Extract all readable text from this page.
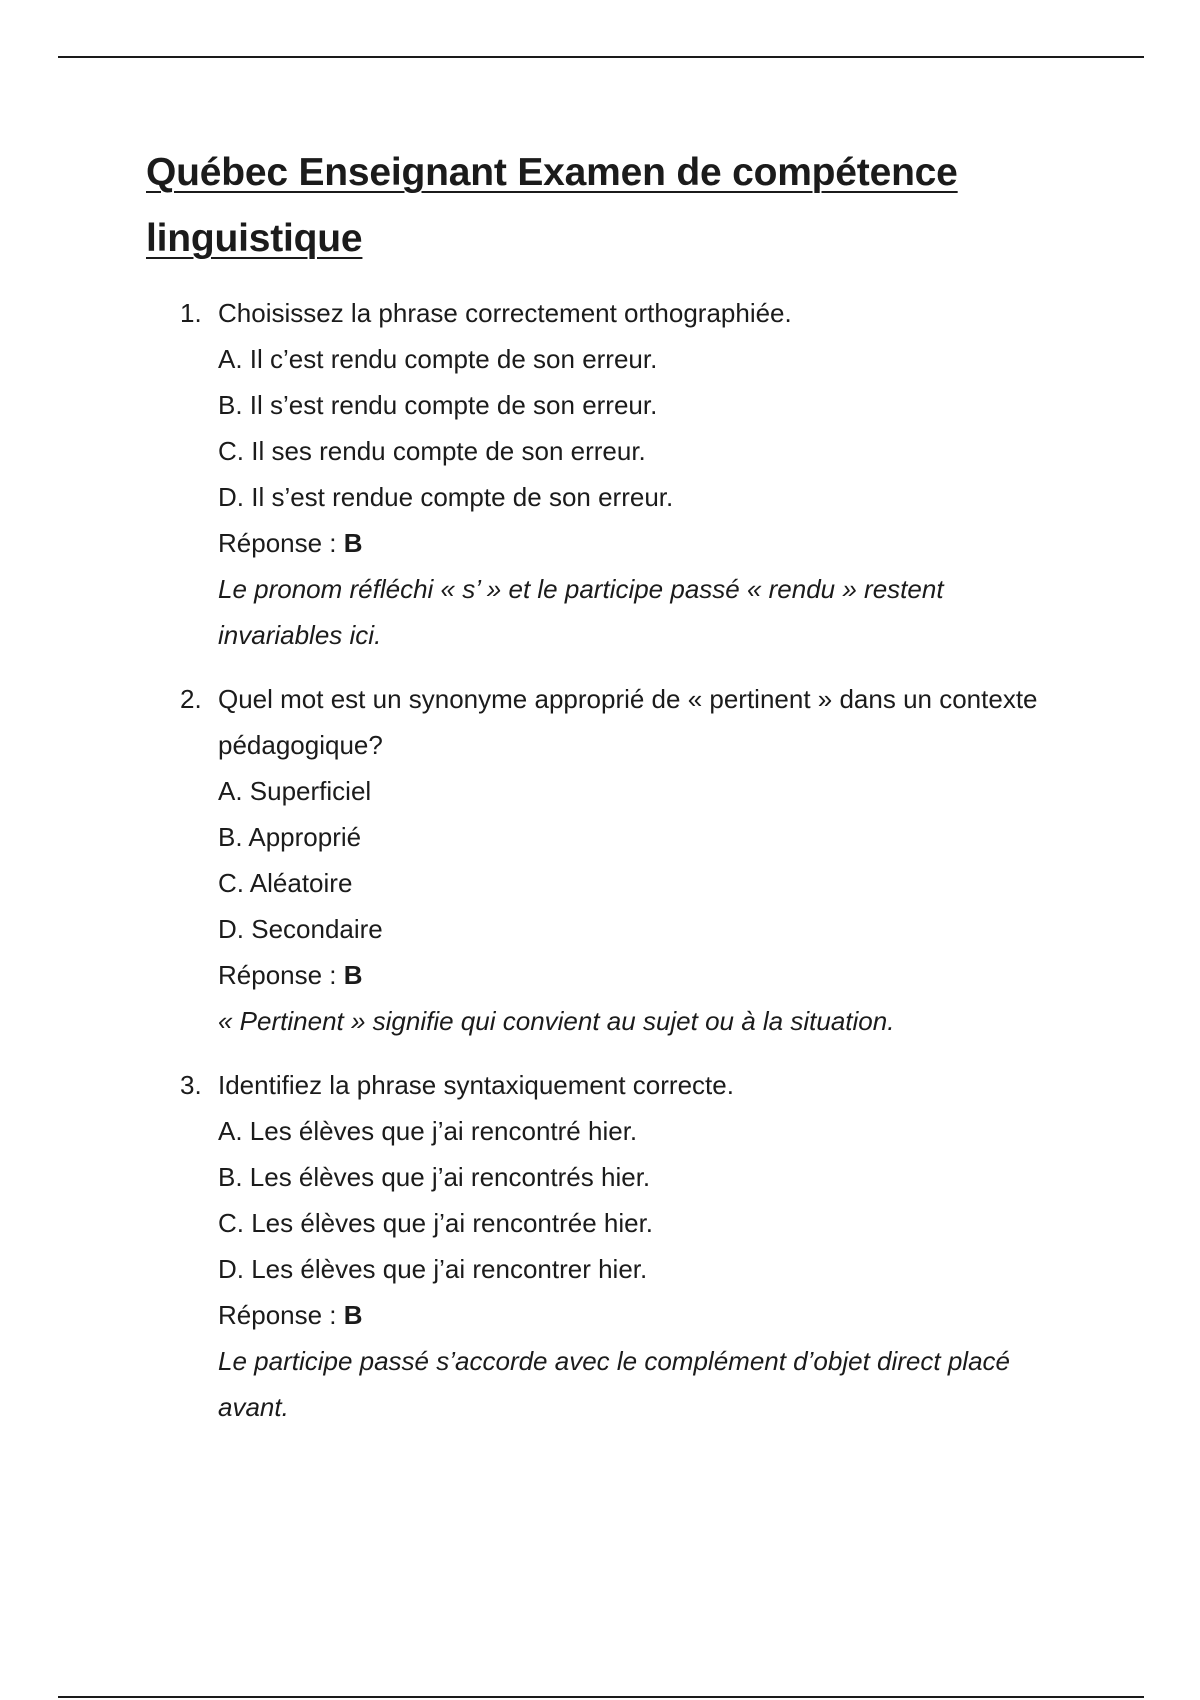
Québec Enseignant Examen de compétence linguistique
1. Choisissez la phrase correctement orthographiée.
A. Il c’est rendu compte de son erreur.
B. Il s’est rendu compte de son erreur.
C. Il ses rendu compte de son erreur.
D. Il s’est rendue compte de son erreur.
Réponse : B
Le pronom réfléchi « s’ » et le participe passé « rendu » restent invariables ici.
2. Quel mot est un synonyme approprié de « pertinent » dans un contexte pédagogique?
A. Superficiel
B. Approprié
C. Aléatoire
D. Secondaire
Réponse : B
« Pertinent » signifie qui convient au sujet ou à la situation.
3. Identifiez la phrase syntaxiquement correcte.
A. Les élèves que j’ai rencontré hier.
B. Les élèves que j’ai rencontrés hier.
C. Les élèves que j’ai rencontrée hier.
D. Les élèves que j’ai rencontrer hier.
Réponse : B
Le participe passé s’accorde avec le complément d’objet direct placé avant.
